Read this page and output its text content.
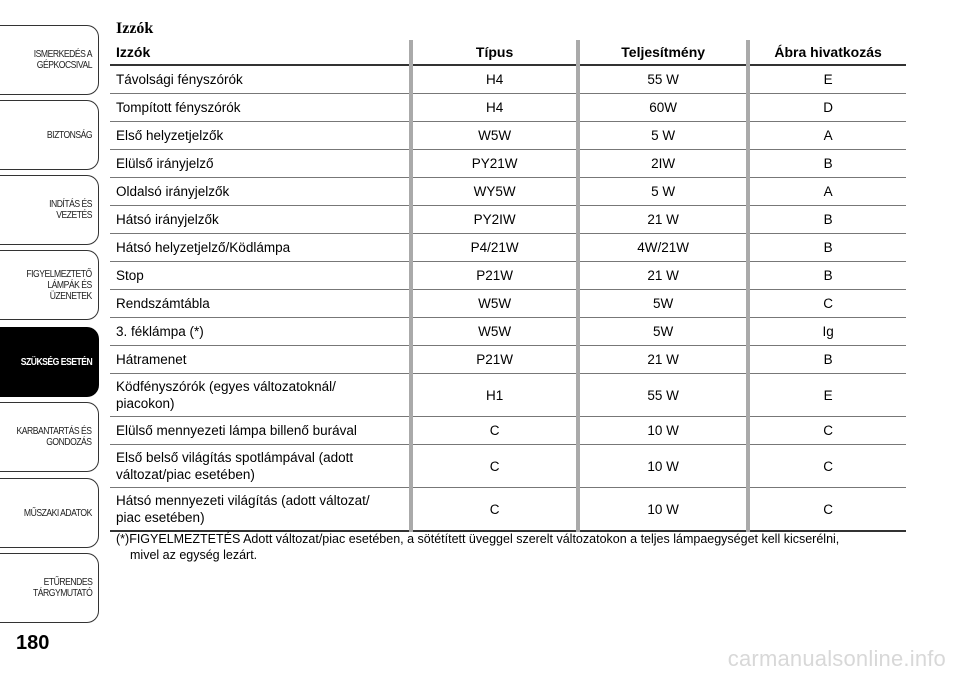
ISMERKEDÉS A
GÉPKOCSIVAL
BIZTONSÁG
INDÍTÁS ÉS VEZETÉS
FIGYELMEZTETŐ
LÁMPÁK ÉS
ÜZENETEK
SZÜKSÉG ESETÉN
KARBANTARTÁS ÉS
GONDOZÁS
MŰSZAKI ADATOK
ETŰRENDES
TÁRGYMUTATÓ
180
Izzók
Izzók	Típus	Teljesítmény	Ábra hivatkozás
Távolsági fényszórók	H4	55 W	E
Tompított fényszórók	H4	60W	D
Első helyzetjelzők	W5W	5 W	A
Elülső irányjelző	PY21W	2IW	B
Oldalsó irányjelzők	WY5W	5 W	A
Hátsó irányjelzők	PY2IW	21 W	B
Hátsó helyzetjelző/Ködlámpa	P4/21W	4W/21W	B
Stop	P21W	21 W	B
Rendszámtábla	W5W	5W	C
3. féklámpa (*)	W5W	5W	Ig
Hátramenet	P21W	21 W	B
Ködfényszórók (egyes változatoknál/
piacokon)	H1	55 W	E
Elülső mennyezeti lámpa billenő burával	C	10 W	C
Első belső világítás spotlámpával (adott
változat/piac esetében)	C	10 W	C
Hátsó mennyezeti világítás (adott változat/
piac esetében)	C	10 W	C
(*)FIGYELMEZTETÉS Adott változat/piac esetében, a sötétített üveggel szerelt változatokon a teljes lámpaegységet kell kicserélni,
mivel az egység lezárt.
carmanualsonline.info
